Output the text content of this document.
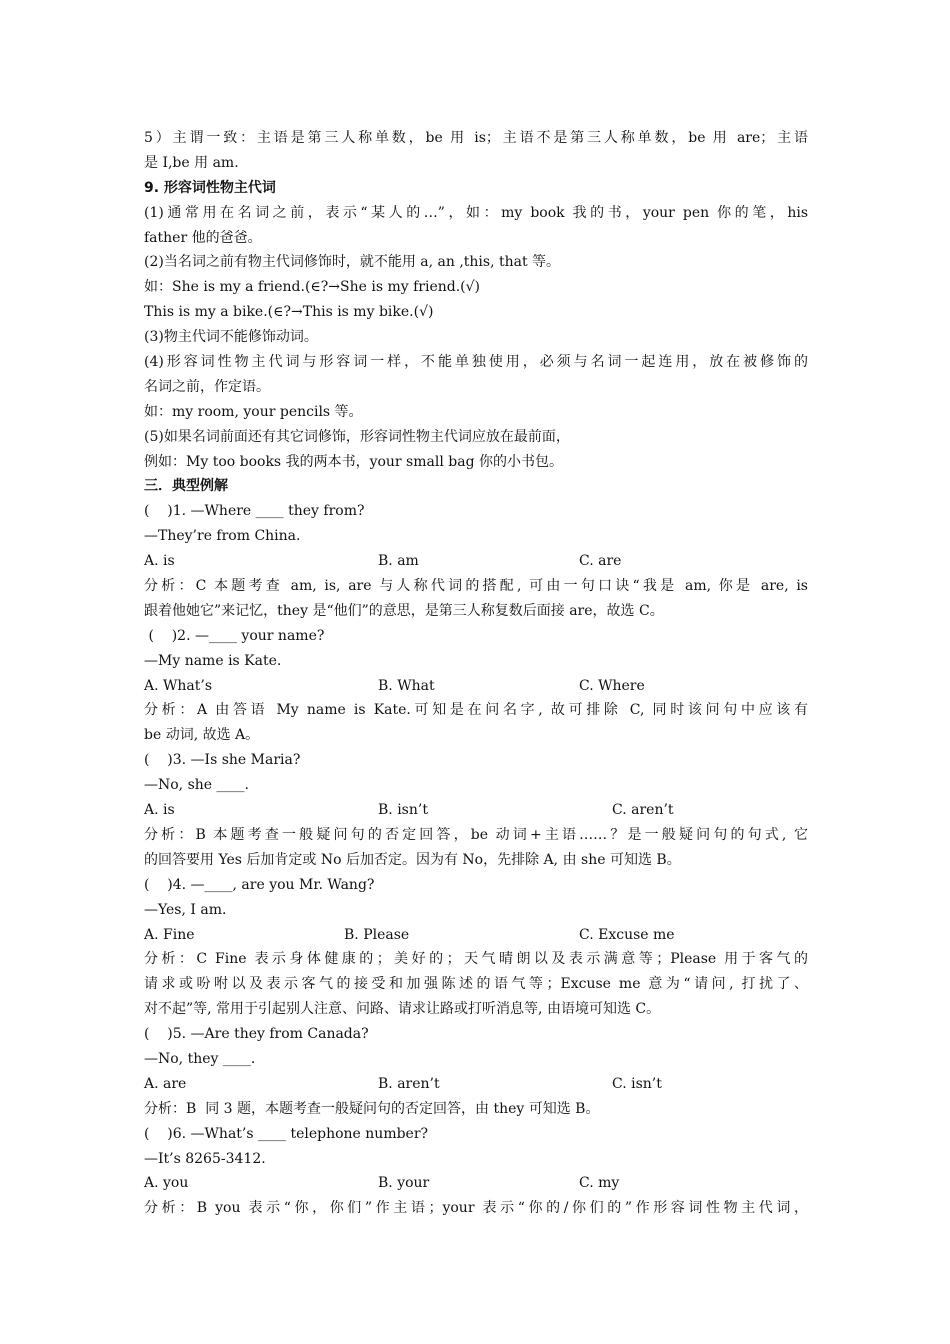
5）主谓一致：主语是第三人称单数，be 用 is；主语不是第三人称单数，be 用 are；主语
是 I,be 用 am.
9. 形容词性物主代词
(1)通常用在名词之前，表示“某人的…”，如：my book 我的书，your pen 你的笔，his
father 他的爸爸。
(2)当名词之前有物主代词修饰时，就不能用 a, an ,this, that 等。
如：She is my a friend.(∈?→She is my friend.(√)
This is my a bike.(∈?→This is my bike.(√)
(3)物主代词不能修饰动词。
(4)形容词性物主代词与形容词一样，不能单独使用，必须与名词一起连用，放在被修饰的
名词之前，作定语。
如：my room, your pencils 等。
(5)如果名词前面还有其它词修饰，形容词性物主代词应放在最前面，
例如：My too books 我的两本书，your small bag 你的小书包。
三．典型例解
(    )1. —Where ____ they from?
—They’re from China.

A. is

	B. am

	C. are

分析：C 本题考查 am, is, are 与人称代词的搭配, 可由一句口诀“我是 am, 你是 are, is
跟着他她它”来记忆，they 是“他们”的意思，是第三人称复数后面接 are，故选 C。
(    )2. —____ your name?
—My name is Kate.

A. What’s

	B. What

	C. Where

分析：A 由答语 My name is Kate.可知是在问名字, 故可排除 C, 同时该问句中应该有
be 动词, 故选 A。
(    )3. —Is she Maria?
—No, she ____.

A. is

	B. isn’t

	C. aren’t

分析：B 本题考查一般疑问句的否定回答，be 动词+主语……？是一般疑问句的句式, 它
的回答要用 Yes 后加肯定或 No 后加否定。因为有 No，先排除 A, 由 she 可知选 B。
(    )4. —____, are you Mr. Wang?
—Yes, I am.

A. Fine

	B. Please

	C. Excuse me

分析：C Fine 表示身体健康的；美好的；天气晴朗以及表示满意等；Please 用于客气的
请求或吩咐以及表示客气的接受和加强陈述的语气等；Excuse me 意为“请问, 打扰了、
对不起”等, 常用于引起别人注意、问路、请求让路或打听消息等, 由语境可知选 C。
(    )5. —Are they from Canada?
—No, they ____.

A. are

	B. aren’t

	C. isn’t

分析：B  同 3 题，本题考查一般疑问句的否定回答，由 they 可知选 B。
(    )6. —What’s ____ telephone number?
—It’s 8265-3412.

A. you

	B. your

	C. my

分析：B you 表示“你，你们”作主语；your 表示“你的/你们的”作形容词性物主代词，
